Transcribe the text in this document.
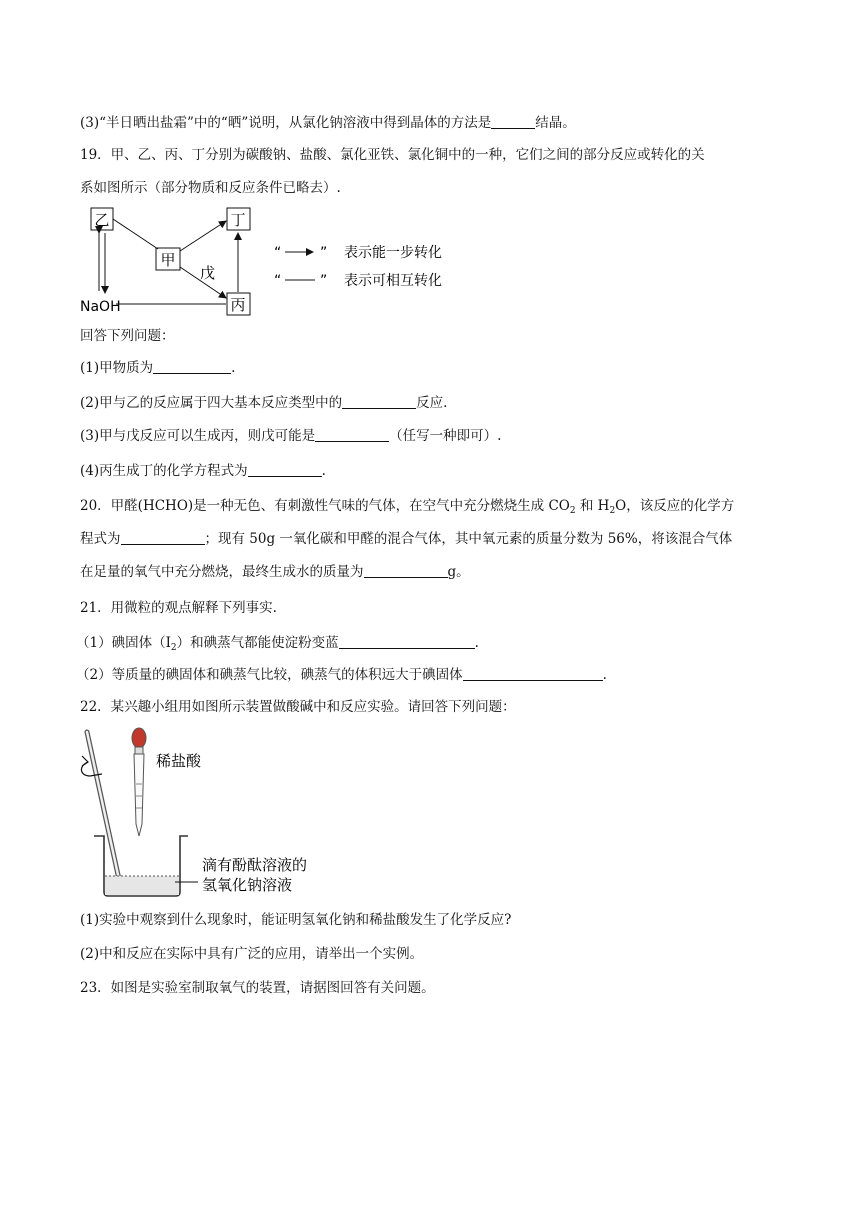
(3)“半日晒出盐霜”中的“晒”说明，从氯化钠溶液中得到晶体的方法是	结晶。
19．甲、乙、丙、丁分别为碳酸钠、盐酸、氯化亚铁、氯化铜中的一种，它们之间的部分反应或转化的关
系如图所示（部分物质和反应条件已略去）.
乙
甲
丁
丙
NaOH
戊
“	” 表示能一步转化
“	” 表示可相互转化
回答下列问题：
(1)甲物质为	.
(2)甲与乙的反应属于四大基本反应类型中的	反应.
(3)甲与戊反应可以生成丙，则戊可能是	（任写一种即可）.
(4)丙生成丁的化学方程式为	.
20．甲醛(HCHO)是一种无色、有刺激性气味的气体，在空气中充分燃烧生成 $CO_2$ 和 $H_2O$，该反应的化学方
程式为	；现有 50g 一氧化碳和甲醛的混合气体，其中氧元素的质量分数为 56%，将该混合气体
在足量的氧气中充分燃烧，最终生成水的质量为	g。
21．用微粒的观点解释下列事实.
（1）碘固体$(I_2)$和碘蒸气都能使淀粉变蓝	.
（2）等质量的碘固体和碘蒸气比较，碘蒸气的体积远大于碘固体	.
22．某兴趣小组用如图所示装置做酸碱中和反应实验。请回答下列问题：
稀盐酸
滴有酚酞溶液的
氢氧化钠溶液
(1)实验中观察到什么现象时，能证明氢氧化钠和稀盐酸发生了化学反应?
(2)中和反应在实际中具有广泛的应用，请举出一个实例。
23．如图是实验室制取氧气的装置，请据图回答有关问题。
